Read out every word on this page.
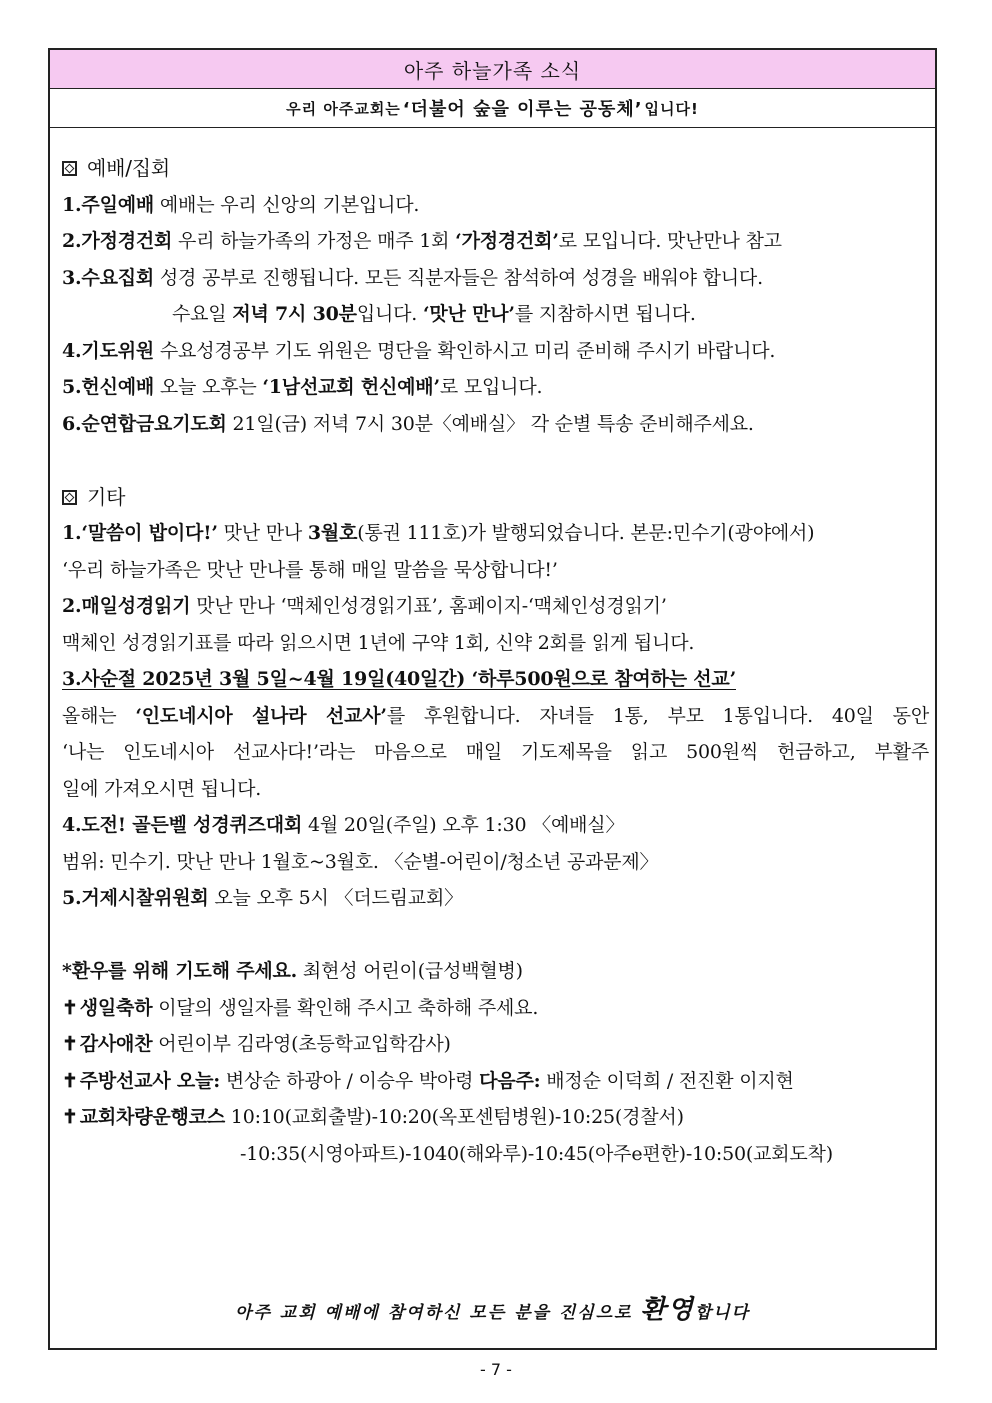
아주 하늘가족 소식
우리 아주교회는 ‘더불어 숲을 이루는 공동체’ 입니다!
예배/집회
1.주일예배 예배는 우리 신앙의 기본입니다.
2.가정경건회 우리 하늘가족의 가정은 매주 1회 ‘가정경건회’로 모입니다. 맛난만나 참고
3.수요집회 성경 공부로 진행됩니다. 모든 직분자들은 참석하여 성경을 배워야 합니다.
수요일 저녁 7시 30분입니다. ‘맛난 만나’를 지참하시면 됩니다.
4.기도위원 수요성경공부 기도 위원은 명단을 확인하시고 미리 준비해 주시기 바랍니다.
5.헌신예배 오늘 오후는 ‘1남선교회 헌신예배’로 모입니다.
6.순연합금요기도회 21일(금) 저녁 7시 30분〈예배실〉 각 순별 특송 준비해주세요.
기타
1.‘말씀이 밥이다!’ 맛난 만나 3월호(통권 111호)가 발행되었습니다. 본문:민수기(광야에서)
‘우리 하늘가족은 맛난 만나를 통해 매일 말씀을 묵상합니다!’
2.매일성경읽기 맛난 만나 ‘맥체인성경읽기표’, 홈페이지-‘맥체인성경읽기’
맥체인 성경읽기표를 따라 읽으시면 1년에 구약 1회, 신약 2회를 읽게 됩니다.
3.사순절 2025년 3월 5일~4월 19일(40일간) ‘하루500원으로 참여하는 선교’
올해는 ‘인도네시아 설나라 선교사’를 후원합니다. 자녀들 1통, 부모 1통입니다. 40일 동안
‘나는 인도네시아 선교사다!’라는 마음으로 매일 기도제목을 읽고 500원씩 헌금하고, 부활주
일에 가져오시면 됩니다.
4.도전! 골든벨 성경퀴즈대회 4월 20일(주일) 오후 1:30 〈예배실〉
범위: 민수기. 맛난 만나 1월호~3월호. 〈순별-어린이/청소년 공과문제〉
5.거제시찰위원회 오늘 오후 5시 〈더드림교회〉
*환우를 위해 기도해 주세요. 최현성 어린이(급성백혈병)
✝ 생일축하 이달의 생일자를 확인해 주시고 축하해 주세요.
✝ 감사애찬 어린이부 김라영(초등학교입학감사)
✝ 주방선교사 오늘: 변상순 하광아 / 이승우 박아령 다음주: 배정순 이덕희 / 전진환 이지현
✝ 교회차량운행코스 10:10(교회출발)-10:20(옥포센텀병원)-10:25(경찰서)
-10:35(시영아파트)-1040(해와루)-10:45(아주e편한)-10:50(교회도착)
아주 교회 예배에 참여하신 모든 분을 진심으로 환영합니다
- 7 -
